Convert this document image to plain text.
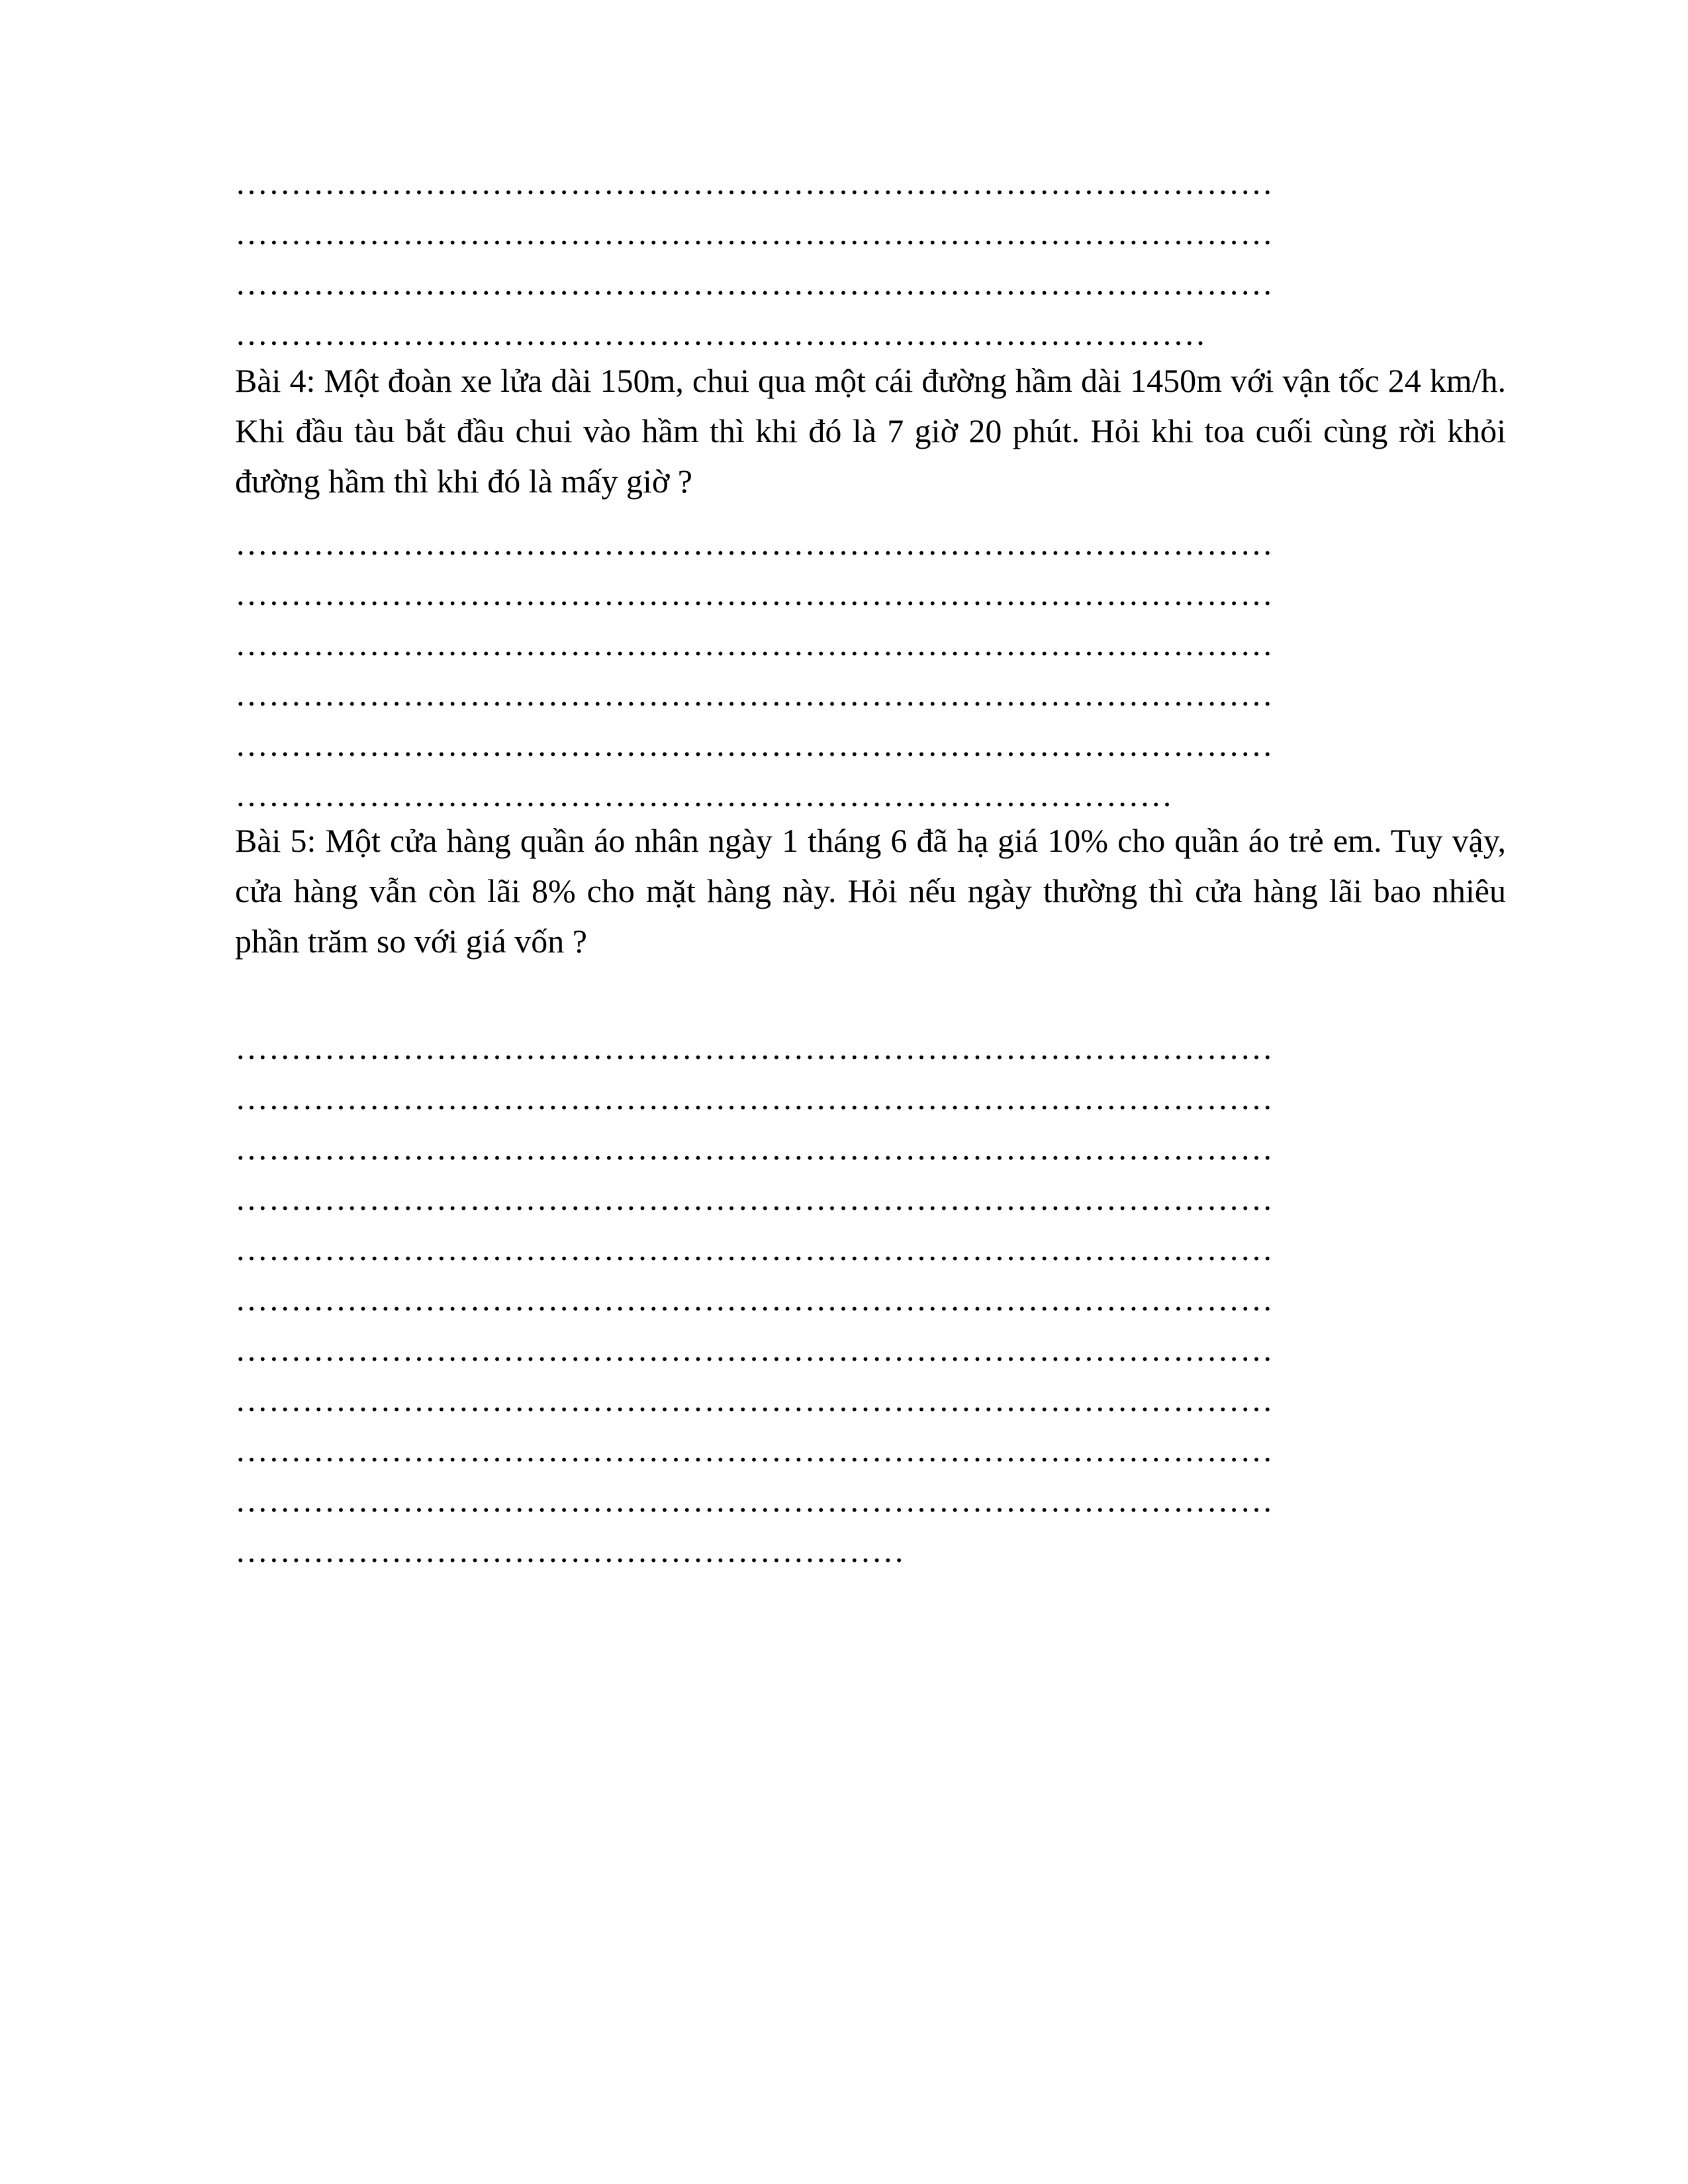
…………………………………………………………………………………
…………………………………………………………………………………
…………………………………………………………………………………
……………………………………………………………………………

Bài 4: Một đoàn xe lửa dài 150m, chui qua một cái đường hầm dài 1450m với vận tốc 24 km/h. Khi đầu tàu bắt đầu chui vào hầm thì khi đó là 7 giờ 20 phút. Hỏi khi toa cuối cùng rời khỏi đường hầm thì khi đó là mấy giờ ?

…………………………………………………………………………………
…………………………………………………………………………………
…………………………………………………………………………………
…………………………………………………………………………………
…………………………………………………………………………………
…………………………………………………………………………

Bài 5: Một cửa hàng quần áo nhân ngày 1 tháng 6 đã hạ giá 10% cho quần áo trẻ em. Tuy vậy, cửa hàng vẫn còn lãi 8% cho mặt hàng này. Hỏi nếu ngày thường thì cửa hàng lãi bao nhiêu phần trăm so với giá vốn ?

…………………………………………………………………………………
…………………………………………………………………………………
…………………………………………………………………………………
…………………………………………………………………………………
…………………………………………………………………………………
…………………………………………………………………………………
…………………………………………………………………………………
…………………………………………………………………………………
…………………………………………………………………………………
…………………………………………………………………………………
……………………………………………………
